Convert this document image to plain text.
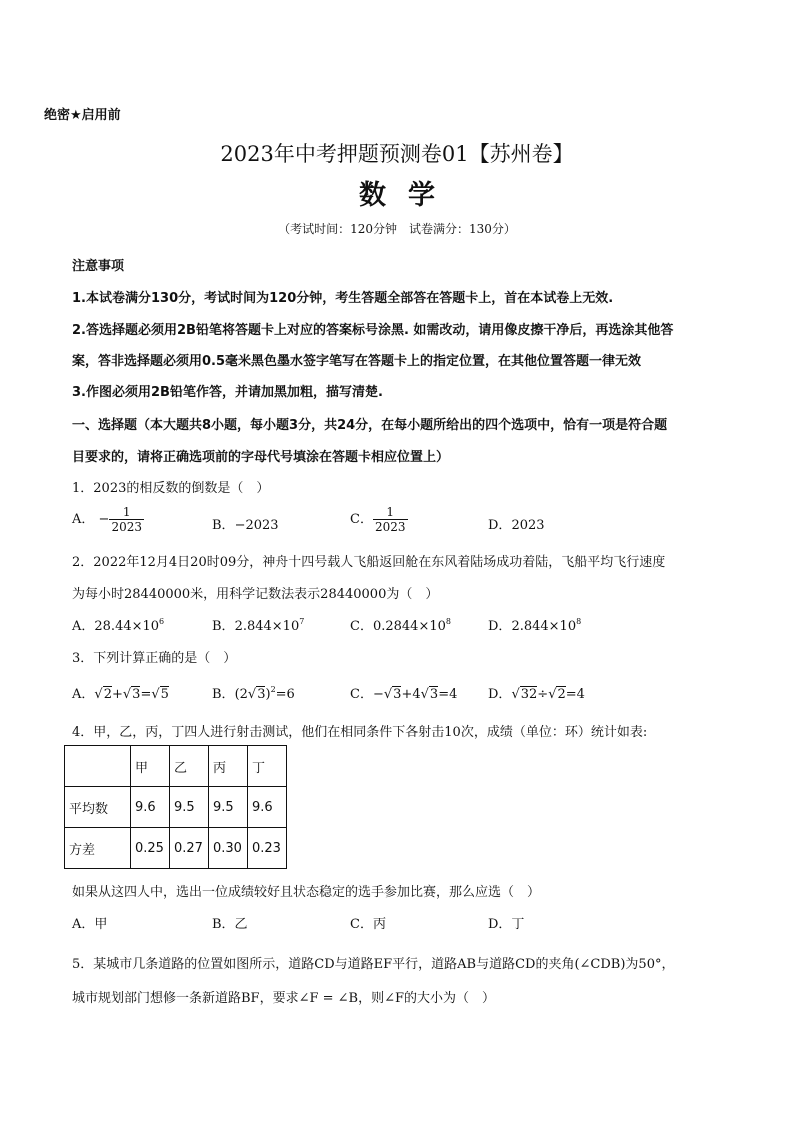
绝密★启用前
2023年中考押题预测卷01【苏州卷】
数学
（考试时间：120分钟　试卷满分：130分）
注意事项
1.本试卷满分130分，考试时间为120分钟，考生答题全部答在答题卡上，首在本试卷上无效.
2.答选择题必须用2B铅笔将答题卡上对应的答案标号涂黑. 如需改动，请用像皮擦干净后，再选涂其他答
案，答非选择题必须用0.5毫米黑色墨水签字笔写在答题卡上的指定位置，在其他位置答题一律无效
3.作图必须用2B铅笔作答，并请加黑加粗，描写清楚.
一、选择题（本大题共8小题，每小题3分，共24分，在每小题所给出的四个选项中，恰有一项是符合题
目要求的，请将正确选项前的字母代号填涂在答题卡相应位置上）
1．2023的相反数的倒数是（　）
A． − $\frac{1}{2023}$	B．−2023	C． $\frac{1}{2023}$	D．2023
2．2022年12月4日20时09分，神舟十四号载人飞船返回舱在东风着陆场成功着陆，飞船平均飞行速度
为每小时28440000米，用科学记数法表示28440000为（　）
A．$28.44\times 10^6$	B．$2.844\times 10^7$	C．$0.2844\times 10^8$	D．$2.844\times 10^8$
3．下列计算正确的是（　）
A．√2+√3=√5	B．$(2√3)^2=6$	C．−√3+4√3=4 D．√32÷√2=4
4．甲，乙，丙，丁四人进行射击测试，他们在相同条件下各射击10次，成绩（单位：环）统计如表:
	甲	乙	丙	丁
平均数	9.6	9.5	9.5	9.6
方差	0.25	0.27	0.30	0.23
如果从这四人中，选出一位成绩较好且状态稳定的选手参加比赛，那么应选（　）
A．甲	B．乙	C．丙	D．丁
5．某城市几条道路的位置如图所示，道路CD与道路EF平行，道路AB与道路CD的夹角(∠CDB)为50°，
城市规划部门想修一条新道路BF，要求∠F = ∠B，则∠F的大小为（　）
